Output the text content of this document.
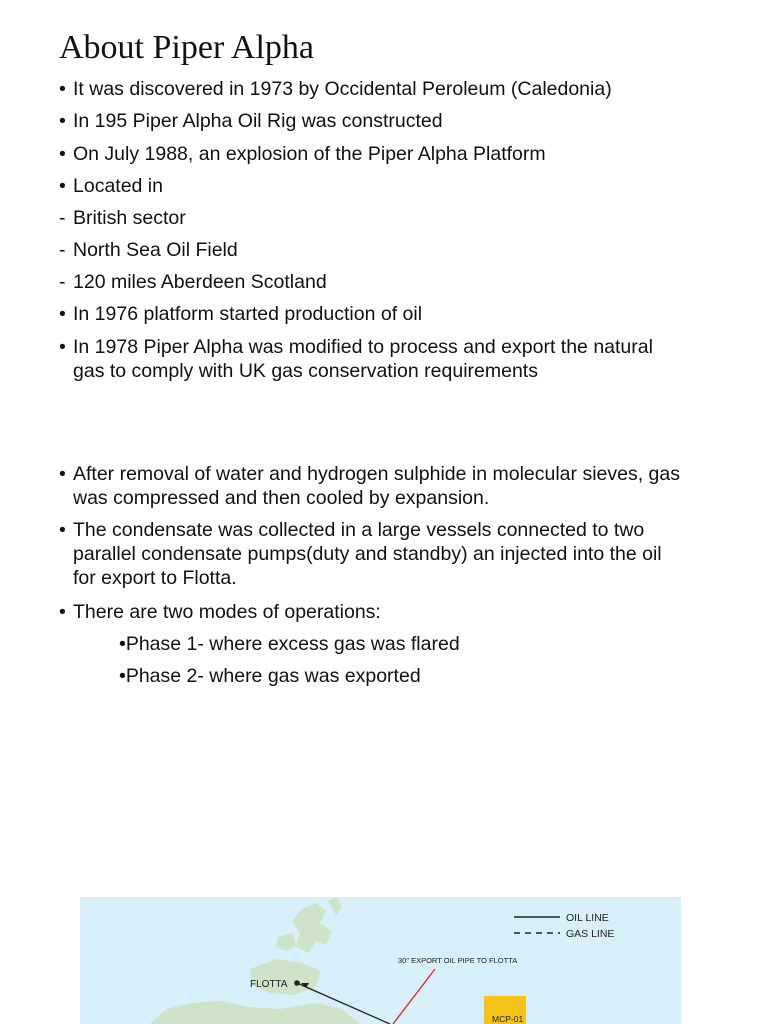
About Piper Alpha
• It was discovered in 1973 by Occidental Peroleum (Caledonia)
• In 195 Piper Alpha Oil Rig was constructed
• On July 1988, an explosion of the Piper Alpha Platform
• Located in
- British sector
- North Sea Oil Field
- 120 miles Aberdeen Scotland
• In 1976 platform started production of oil
• In 1978 Piper Alpha was modified to process and export the natural
gas to comply with UK gas conservation requirements
• After removal of water and hydrogen sulphide in molecular sieves, gas
was compressed and then cooled by expansion.
• The condensate was collected in a large vessels connected to two
parallel condensate pumps(duty and standby) an injected into the oil
for export to Flotta.
• There are two modes of operations:
•Phase 1- where excess gas was flared
•Phase 2- where gas was exported
OIL LINE
GAS LINE
30" EXPORT OIL PIPE TO FLOTTA
FLOTTA
MCP-01
